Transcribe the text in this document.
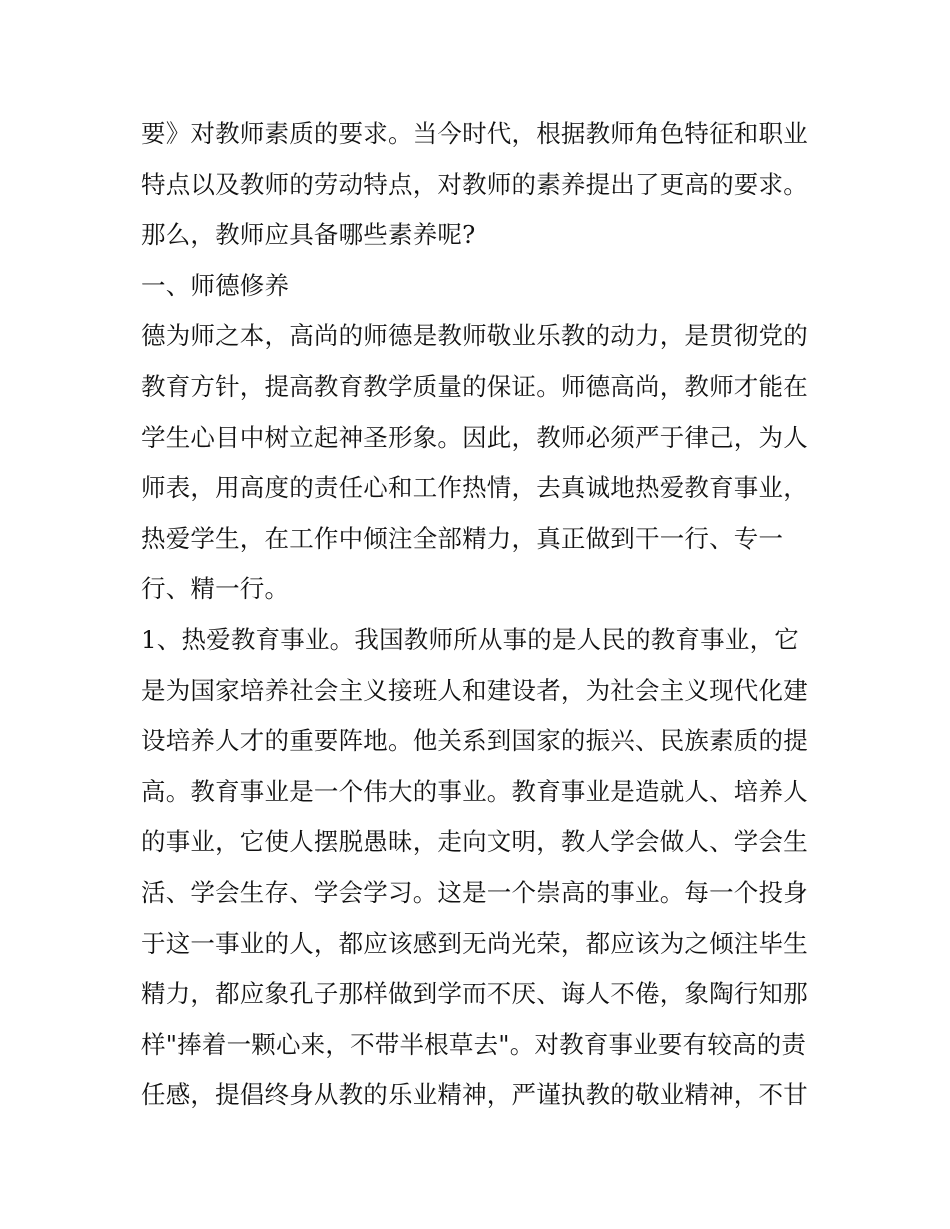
要》对教师素质的要求。当今时代，根据教师角色特征和职业
特点以及教师的劳动特点，对教师的素养提出了更高的要求。
那么，教师应具备哪些素养呢?
一、师德修养
德为师之本，高尚的师德是教师敬业乐教的动力，是贯彻党的
教育方针，提高教育教学质量的保证。师德高尚，教师才能在
学生心目中树立起神圣形象。因此，教师必须严于律己，为人
师表，用高度的责任心和工作热情，去真诚地热爱教育事业，
热爱学生，在工作中倾注全部精力，真正做到干一行、专一
行、精一行。
1、热爱教育事业。我国教师所从事的是人民的教育事业，它
是为国家培养社会主义接班人和建设者，为社会主义现代化建
设培养人才的重要阵地。他关系到国家的振兴、民族素质的提
高。教育事业是一个伟大的事业。教育事业是造就人、培养人
的事业，它使人摆脱愚昧，走向文明，教人学会做人、学会生
活、学会生存、学会学习。这是一个崇高的事业。每一个投身
于这一事业的人，都应该感到无尚光荣，都应该为之倾注毕生
精力，都应象孔子那样做到学而不厌、诲人不倦，象陶行知那
样"捧着一颗心来，不带半根草去"。对教育事业要有较高的责
任感，提倡终身从教的乐业精神，严谨执教的敬业精神，不甘
